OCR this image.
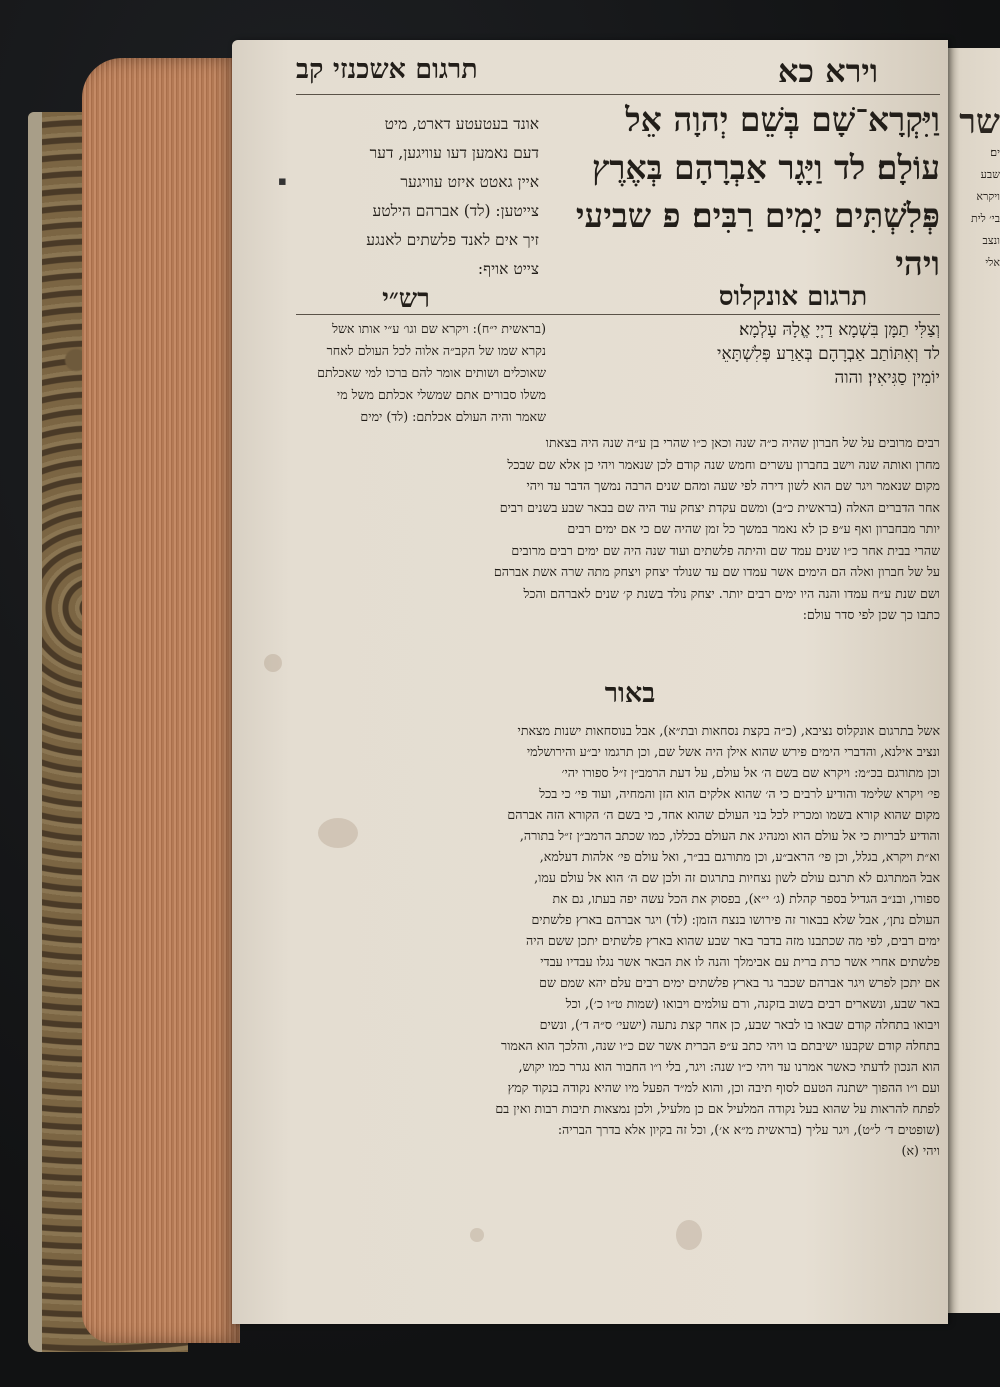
שר

ים׃

שבע

ויקרא

בי׳ לית

ונצב

אלי

תרגום אשכנזי קב	וירא כא

אונד בעטעטע דארט, מיט

דעם נאמען דעו עוויגען, דער

איין גאטט איזט עוויגער

צייטען: (לד) אברהם הילטע

זיך אים לאנד פלשתים לאנגע

צייט אויף:

וַיִּקְרָא־שָׁם בְּשֵׁם יְהוָה אֵל

עוֹלָם׃ לד וַיָּגָר אַבְרָהָם בְּאֶרֶץ

פְּלִשְׁתִּים יָמִים רַבִּים׃ פ שביעי

ויהי

תרגום אונקלוס
רש״י

וְצַלִּי תַמָּן בִּשְׁמָא דַיְיָ אֱלָהּ עָלְמָא׃

לד וְאִתּוֹתַב אַבְרָהָם בְּאַרַע פְּלִשְׁתָּאֵי

יוֹמִין סַגִּיאִין׃ והוה

(בראשית י״ח): ויקרא שם וגו׳ ע״י אותו אשל

נקרא שמו של הקב״ה אלוה לכל העולם לאחר

שאוכלים ושותים אומר להם ברכו למי שאכלתם

משלו סבורים אתם שמשלי אכלתם משל מי

שאמר והיה העולם אכלתם: (לד) ימים

רבים מרובים על של חברון שהיה כ״ה שנה וכאן כ״ו שהרי בן ע״ה שנה היה בצאתו

מחרן ואותה שנה וישב בחברון עשרים וחמש שנה קודם לכן שנאמר ויהי כן אלא שם שבכל

מקום שנאמר ויגר שם הוא לשון דירה לפי שעה ומהם שנים הרבה נמשך הדבר עד ויהי

אחר הדברים האלה (בראשית כ״ב) ומשם עקדת יצחק עוד היה שם בבאר שבע בשנים רבים

יותר מבחברון ואף ע״פ כן לא נאמר במשך כל זמן שהיה שם כי אם ימים רבים

שהרי בבית אחר כ״ו שנים עמד שם והיתה פלשתים ועוד שנה היה שם ימים רבים מרובים

על של חברון ואלה הם הימים אשר עמדו שם עד שנולד יצחק ויצחק מתה שרה אשת אברהם

ושם שנת ע״ח עמדו והנה היו ימים רבים יותר. יצחק נולד בשנת ק׳ שנים לאברהם והכל

כתבו כך שכן לפי סדר עולם:

באור

אשל בתרגום אונקלוס נציבא, (כ״ה בקצת נסחאות ובת״א), אבל בנוסחאות ישנות מצאתי

ונציב אילנא, והדברי הימים פירש שהוא אילן היה אשל שם, וכן תרגמו יב״ע והירושלמי

וכן מתורגם בכ״מ: ויקרא שם בשם ה׳ אל עולם, על דעת הרמב״ן ז״ל ספורו יהי׳

פי׳ ויקרא שלימד והודיע לרבים כי ה׳ שהוא אלקים הוא הזן והמחיה, ועוד פי׳ כי בכל

מקום שהוא קורא בשמו ומכריז לכל בני העולם שהוא אחד, כי בשם ה׳ הקורא הזה אברהם

והודיע לבריות כי אל עולם הוא ומנהיג את העולם בכללו, כמו שכתב הרמב״ן ז״ל בתורה,

וא״ת ויקרא, בגלל, וכן פי׳ הראב״ע, וכן מתורגם בב״ר, ואל עולם פי׳ אלהות דעלמא,

אבל המתרגם לא תרגם עולם לשון נצחיות בתרגום זה ולכן שם ה׳ הוא אל עולם עמו,

ספורו, ובנ״ב הגדיל בספר קהלת (ג׳ י״א), בפסוק את הכל עשה יפה בעתו, גם את

העולם נתן׳, אבל שלא בבאור זה פירושו בנצח הזמן: (לד) ויגר אברהם בארץ פלשתים

ימים רבים, לפי מה שכתבנו מזה בדבר באר שבע שהוא בארץ פלשתים יתכן ששם היה

פלשתים אחרי אשר כרת ברית עם אבימלך והנה לו את הבאר אשר נגלו עבדיו עבדי

אם יתכן לפרש ויגר אברהם שכבר גר בארץ פלשתים ימים רבים עלם יהא שמם שם

באר שבע, ונשארים רבים בשוב בזקנה, ורם עולמים ויבואו (שמות ט״ו כ׳), וכל

ויבואו בתחלה קודם שבאו בו לבאר שבע, כן אחר קצת נתעה (ישעי׳ ס״ה ד׳), ונשים

בתחלה קודם שקבעו ישיבתם בו ויהי כתב ע״פ הברית אשר שם כ״ו שנה, והלכך הוא האמור

הוא הנכון לדעתי כאשר אמרנו עד ויהי כ״ו שנה: ויגר, בלי ו״ו החבור הוא נגרר כמו יקוש,

ועם ו״ו ההפוך ישתנה הטעם לסוף תיבה וכן, והוא למ״ד הפעל מיו שהיא נקודה בנקוד קמץ

לפתח להראות על שהוא בעל נקודה המלעיל אם כן מלעיל, ולכן נמצאות תיבות רבות ואין בם

(שופטים ד׳ ל״ט), ויגר עליך (בראשית מ״א א׳), וכל זה בקיון אלא בדרך הבריה:

ויהי (א)

▪
